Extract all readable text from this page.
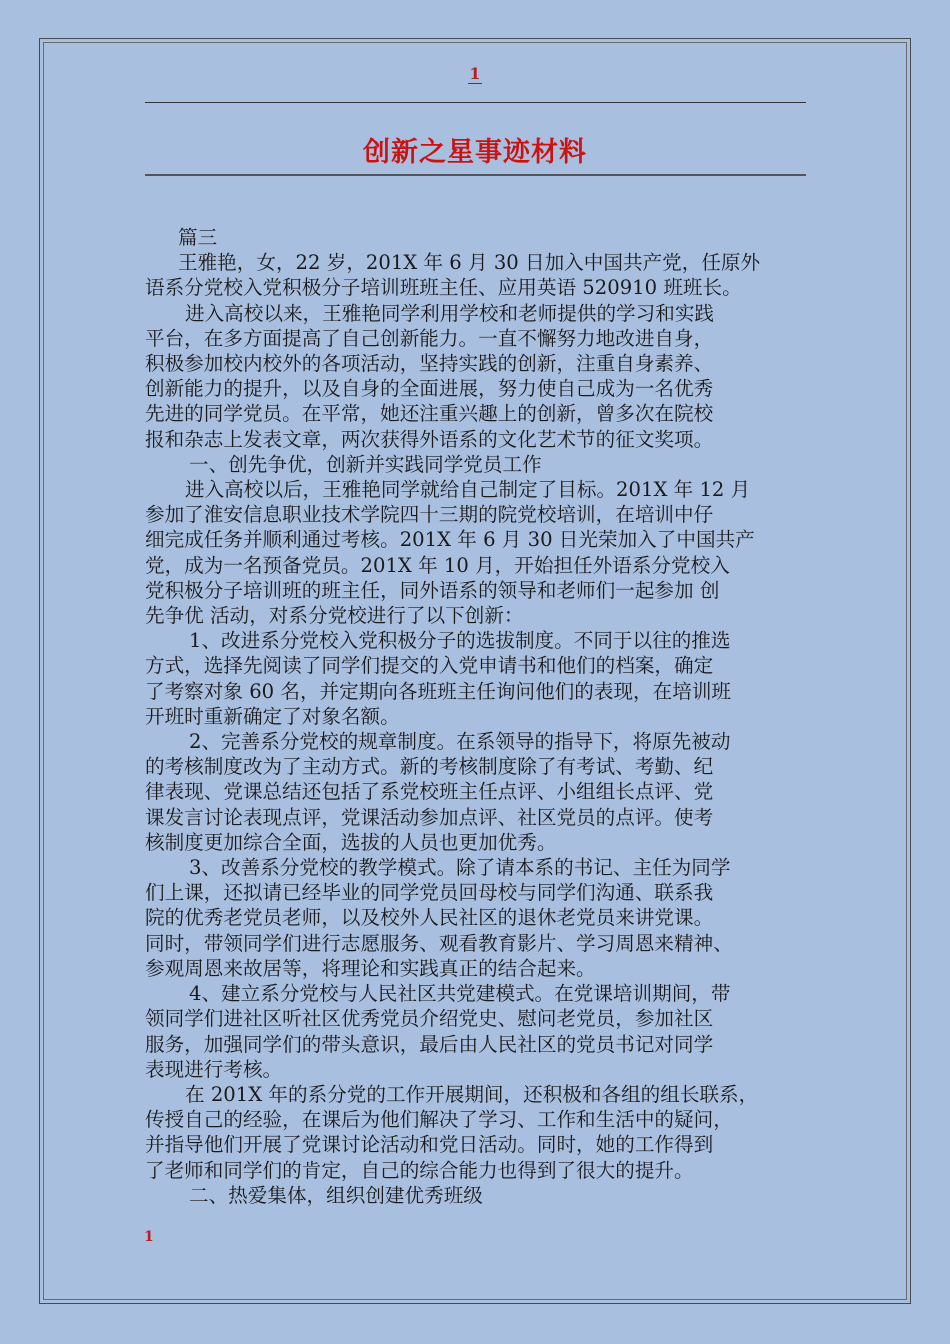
1
创新之星事迹材料

篇三

王雅艳，女，22 岁，201X 年 6 月 30 日加入中国共产党，任原外

语系分党校入党积极分子培训班班主任、应用英语 520910 班班长。

进入高校以来，王雅艳同学利用学校和老师提供的学习和实践

平台，在多方面提高了自己创新能力。一直不懈努力地改进自身，

积极参加校内校外的各项活动，坚持实践的创新，注重自身素养、

创新能力的提升，以及自身的全面进展，努力使自己成为一名优秀

先进的同学党员。在平常，她还注重兴趣上的创新，曾多次在院校

报和杂志上发表文章，两次获得外语系的文化艺术节的征文奖项。

一、创先争优，创新并实践同学党员工作

进入高校以后，王雅艳同学就给自己制定了目标。201X 年 12 月

参加了淮安信息职业技术学院四十三期的院党校培训，在培训中仔

细完成任务并顺利通过考核。201X 年 6 月 30 日光荣加入了中国共产

党，成为一名预备党员。201X 年 10 月，开始担任外语系分党校入

党积极分子培训班的班主任，同外语系的领导和老师们一起参加 创

先争优 活动，对系分党校进行了以下创新：

1、改进系分党校入党积极分子的选拔制度。不同于以往的推选

方式，选择先阅读了同学们提交的入党申请书和他们的档案，确定

了考察对象 60 名，并定期向各班班主任询问他们的表现，在培训班

开班时重新确定了对象名额。

2、完善系分党校的规章制度。在系领导的指导下，将原先被动

的考核制度改为了主动方式。新的考核制度除了有考试、考勤、纪

律表现、党课总结还包括了系党校班主任点评、小组组长点评、党

课发言讨论表现点评，党课活动参加点评、社区党员的点评。使考

核制度更加综合全面，选拔的人员也更加优秀。

3、改善系分党校的教学模式。除了请本系的书记、主任为同学

们上课，还拟请已经毕业的同学党员回母校与同学们沟通、联系我

院的优秀老党员老师，以及校外人民社区的退休老党员来讲党课。

同时，带领同学们进行志愿服务、观看教育影片、学习周恩来精神、

参观周恩来故居等，将理论和实践真正的结合起来。

4、建立系分党校与人民社区共党建模式。在党课培训期间，带

领同学们进社区听社区优秀党员介绍党史、慰问老党员，参加社区

服务，加强同学们的带头意识，最后由人民社区的党员书记对同学

表现进行考核。

在 201X 年的系分党的工作开展期间，还积极和各组的组长联系，

传授自己的经验，在课后为他们解决了学习、工作和生活中的疑问，

并指导他们开展了党课讨论活动和党日活动。同时，她的工作得到

了老师和同学们的肯定，自己的综合能力也得到了很大的提升。

二、热爱集体，组织创建优秀班级

1
